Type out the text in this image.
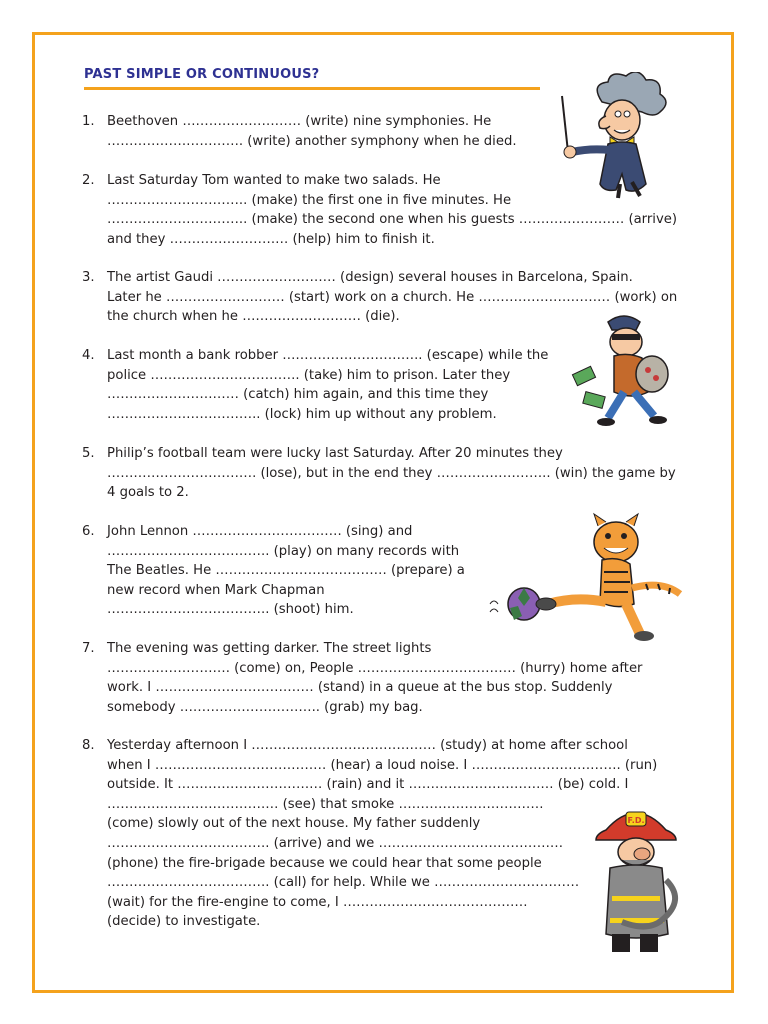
PAST SIMPLE OR CONTINUOUS?
1. Beethoven ……………………… (write) nine symphonies. He
…………………………. (write) another symphony when he died.
2. Last Saturday Tom wanted to make two salads. He
………………………….. (make) the first one in five minutes. He
………………………….. (make) the second one when his guests …………………… (arrive)
and they ……………………… (help) him to finish it.
3. The artist Gaudi ……………………… (design) several houses in Barcelona, Spain.
Later he ……………………… (start) work on a church. He ………………………… (work) on
the church when he ……………………… (die).
4. Last month a bank robber ………………………….. (escape) while the
police ……………………………. (take) him to prison. Later they
………………………… (catch) him again, and this time they
…………………………….. (lock) him up without any problem.
5. Philip’s football team were lucky last Saturday. After 20 minutes they
……………………………. (lose), but in the end they …………………….. (win) the game by
4 goals to 2.
6. John Lennon ……………………………. (sing) and
………………………………. (play) on many records with
The Beatles. He ………………………………… (prepare) a
new record when Mark Chapman
………………………………. (shoot) him.
7. The evening was getting darker. The street lights
………………………. (come) on, People ……………………………… (hurry) home after
work. I ……………………………… (stand) in a queue at the bus stop. Suddenly
somebody ………………………….. (grab) my bag.
8. Yesterday afternoon I …………………………………… (study) at home after school
when I ………………………………… (hear) a loud noise. I ……………………………. (run)
outside. It …………………………… (rain) and it …………………………… (be) cold. I
………………………………… (see) that smoke ……………………………
(come) slowly out of the next house. My father suddenly
………………………………. (arrive) and we ……………………………………
(phone) the fire-brigade because we could hear that some people
………………………………. (call) for help. While we ……………………………
(wait) for the fire-engine to come, I ……………………………………
(decide) to investigate.
F.D.
